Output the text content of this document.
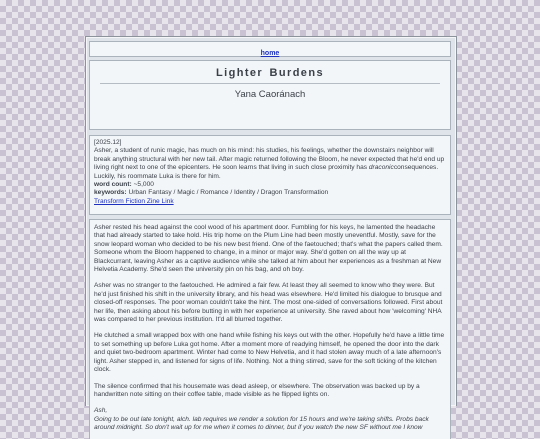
home
Lighter Burdens
Yana Caoránach

[2025.12]

Asher, a student of runic magic, has much on his mind: his studies, his feelings, whether the downstairs neighbor will break anything structural with her new tail. After magic returned following the Bloom, he never expected that he'd end up living right next to one of the epicenters. He soon learns that living in such close proximity has draconicconsequences. Luckily, his roommate Luka is there for him.

word count: ~5,000

keywords: Urban Fantasy / Magic / Romance / Identity / Dragon Transformation

Transform Fiction Zine Link

Asher rested his head against the cool wood of his apartment door. Fumbling for his keys, he lamented the headache that had already started to take hold. His trip home on the Plum Line had been mostly uneventful. Mostly, save for the snow leopard woman who decided to be his new best friend. One of the faetouched; that's what the papers called them. Someone whom the Bloom happened to change, in a minor or major way. She'd gotten on all the way up at Blackcurrant, leaving Asher as a captive audience while she talked at him about her experiences as a freshman at New Helvetia Academy. She'd seen the university pin on his bag, and oh boy.

Asher was no stranger to the faetouched. He admired a fair few. At least they all seemed to know who they were. But he'd just finished his shift in the university library, and his head was elsewhere. He'd limited his dialogue to brusque and closed-off responses. The poor woman couldn't take the hint. The most one-sided of conversations followed. First about her life, then asking about his before butting in with her experience at university. She raved about how 'welcoming' NHA was compared to her previous institution. It'd all blurred together.

He clutched a small wrapped box with one hand while fishing his keys out with the other. Hopefully he'd have a little time to set something up before Luka got home. After a moment more of readying himself, he opened the door into the dark and quiet two-bedroom apartment. Winter had come to New Helvetia, and it had stolen away much of a late afternoon's light. Asher stepped in, and listened for signs of life. Nothing. Not a thing stirred, save for the soft ticking of the kitchen clock.

The silence confirmed that his housemate was dead asleep, or elsewhere. The observation was backed up by a handwritten note sitting on their coffee table, made visible as he flipped lights on.

Ash,

Going to be out late tonight, alch. lab requires we render a solution for 15 hours and we're taking shifts. Probs back around midnight. So don't wait up for me when it comes to dinner, but if you watch the new SF without me I know
